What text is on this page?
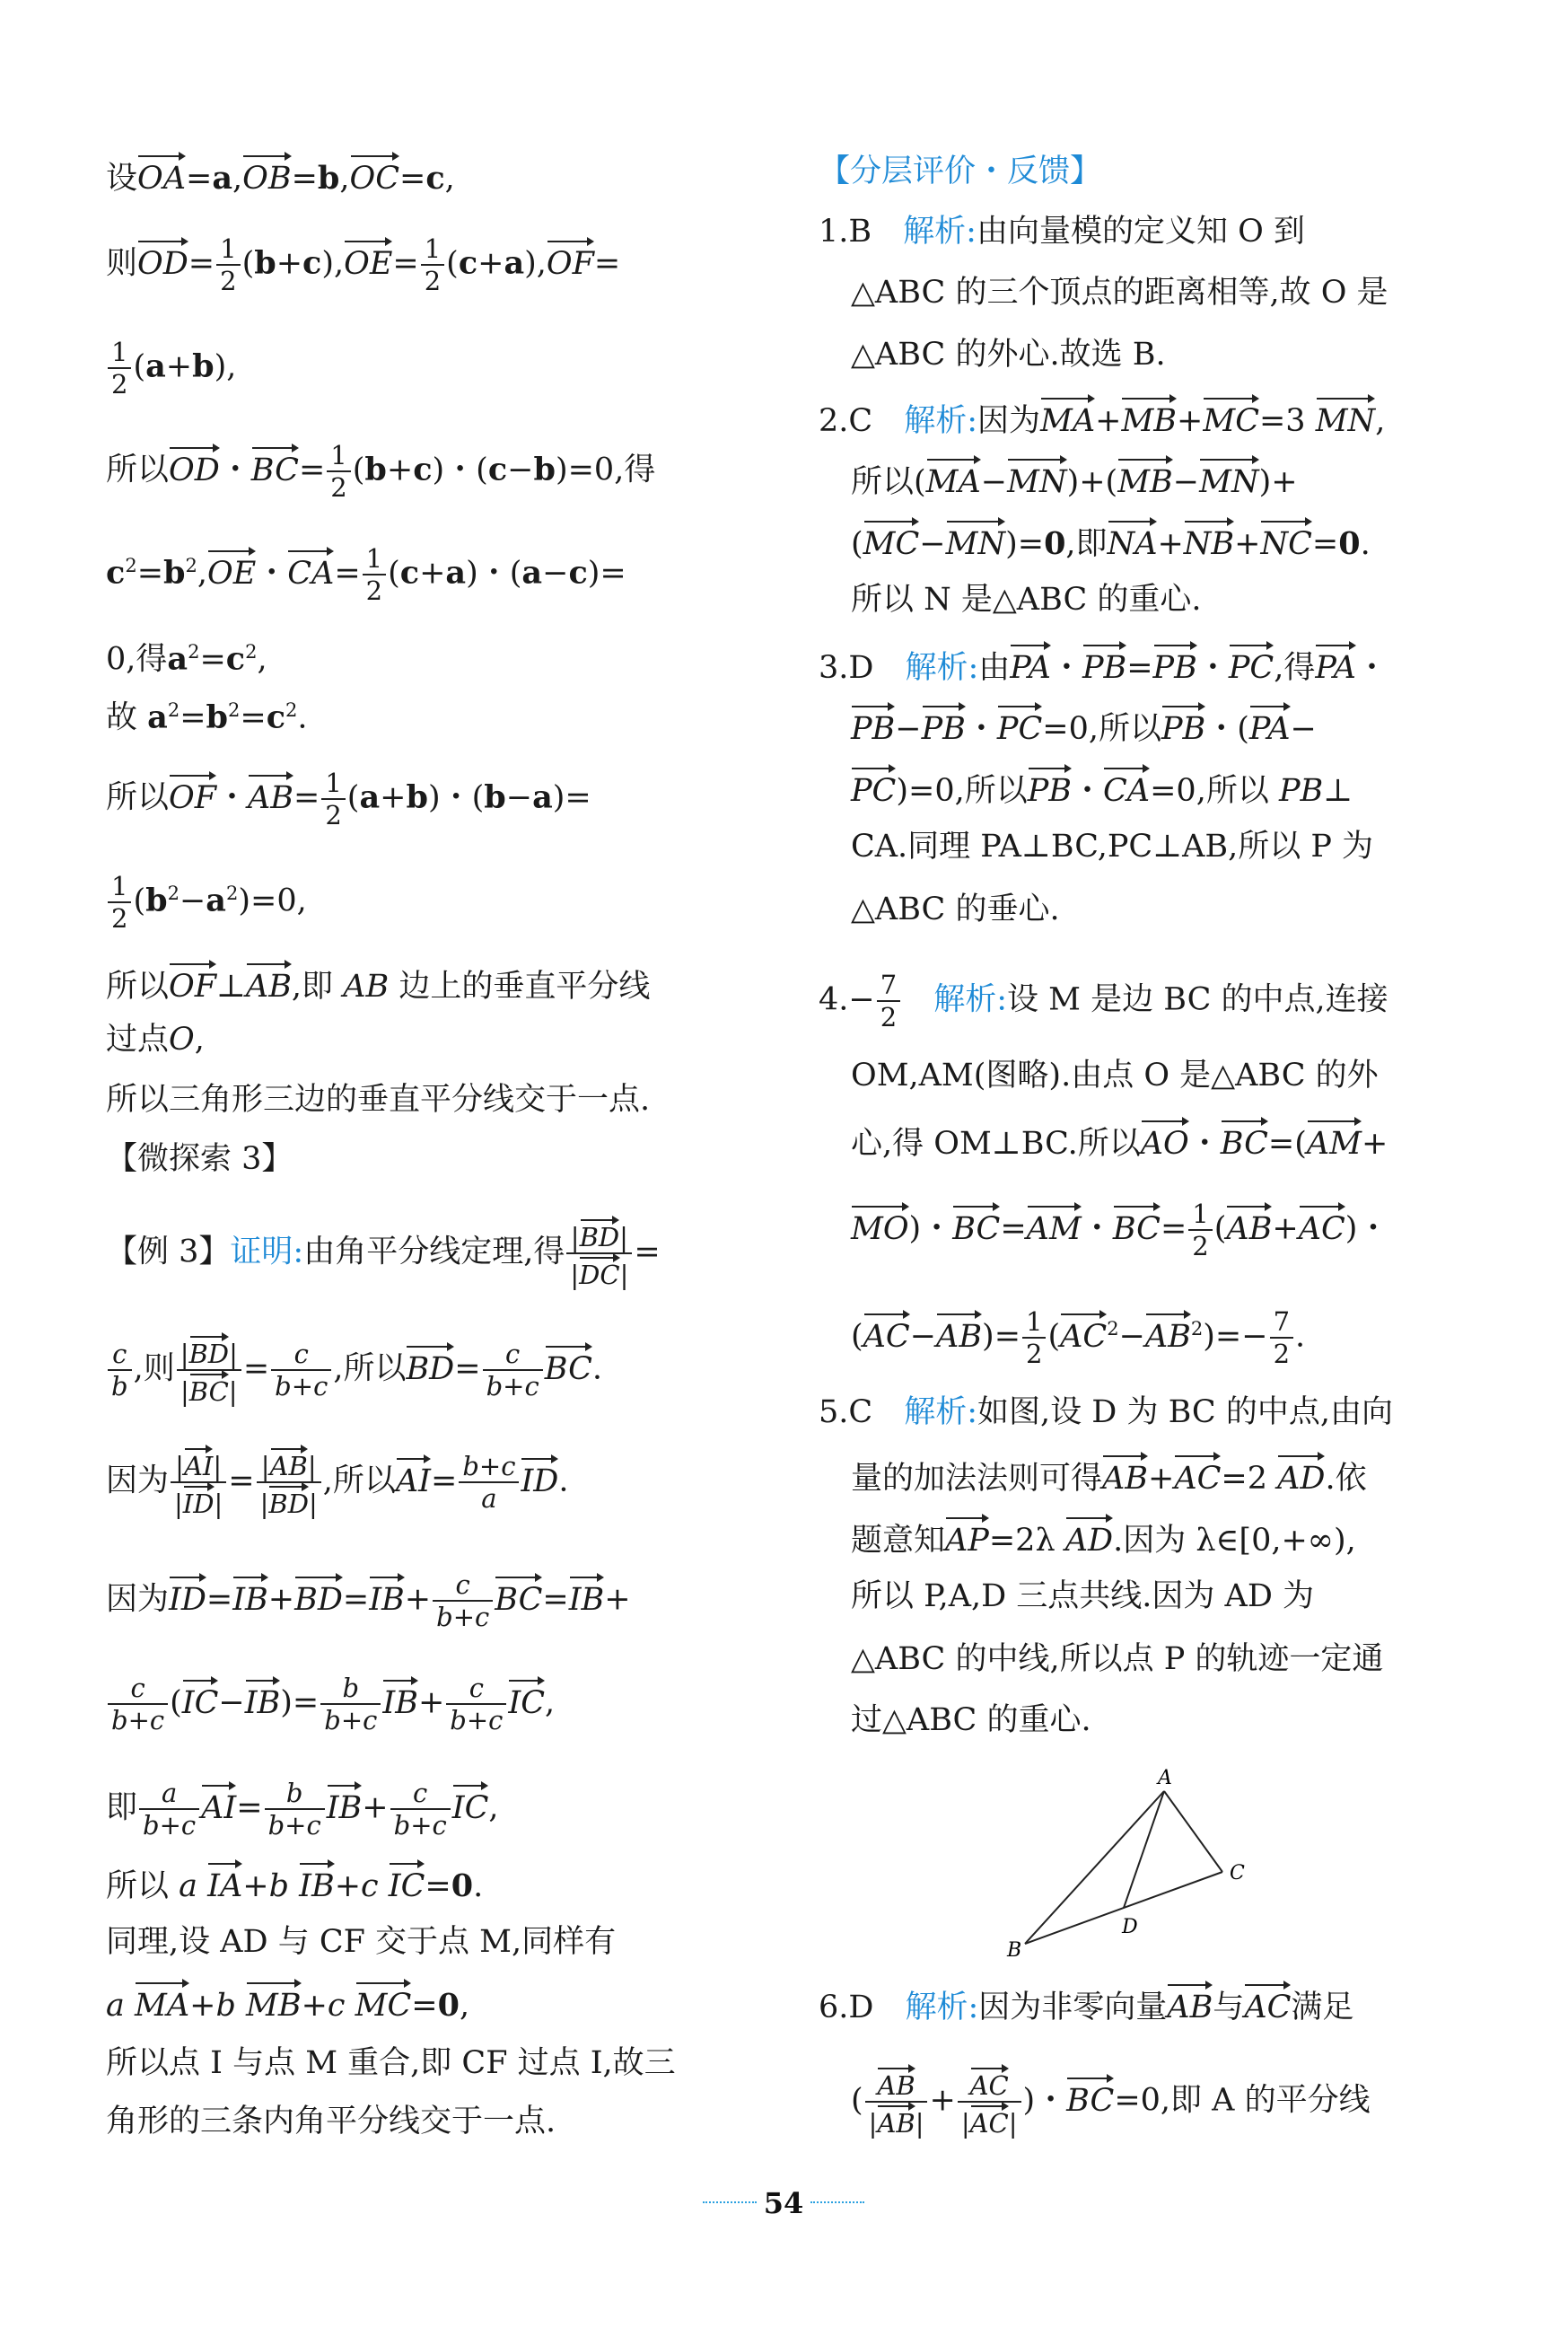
设OA=a,OB=b,OC=c,
则$OD= \frac{1}{2} (b+c),OE= \frac{1}{2} (c+a),OF=$
$\frac{1}{2} (a+b)$,
所以OD・$BC= \frac{1}{2} (b+c)$・(c−b)=0,得
$c^2=b^2,OE$・$CA= \frac{1}{2} (c+a)$・(a−c)=
0,得$a^2=c^2$,
故 $a^2=b^2=c^2$.
所以OF・$AB= \frac{1}{2} (a+b)$・(b−a)=
$\frac{1}{2} (b^2-a^2)=0$,
所以OF⊥AB,即 AB 边上的垂直平分线
过点O,
所以三角形三边的垂直平分线交于一点.
【微探索 3】
【例 3】证明:由角平分线定理,得 $\frac{|BD|}{|DC|}$ =
$\frac{c}{b}$ ,则 $\frac{|BD|}{|BC|} = \frac{c}{b+c}$ ,所以$BD= \frac{c}{b+c}$ BC.
因为 $\frac{|AI|}{|ID|} = \frac{|AB|}{|BD|}$ ,所以$AI= \frac{b+c}{a}$ ID.
因为$ID=IB+BD=IB+ \frac{c}{b+c} BC=IB+$
$\frac{c}{b+c} (IC-IB)= \frac{b}{b+c} IB+ \frac{c}{b+c}$ IC,
即 $\frac{a}{b+c} AI= \frac{b}{b+c} IB+ \frac{c}{b+c}$ IC,
所以 a IA+b IB+c IC=0.
同理,设 AD 与 CF 交于点 M,同样有
a MA+b MB+c MC=0,
所以点 I 与点 M 重合,即 CF 过点 I,故三
角形的三条内角平分线交于一点.
【分层评价・反馈】
1.B　 解析:由向量模的定义知 O 到
△ABC 的三个顶点的距离相等,故 O 是
△ABC 的外心.故选 B.
2.C　 解析:因为MA+MB+MC=3 MN,
所以(MA−MN)+(MB−MN)+
(MC−MN)=0,即NA+NB+NC=0.
所以 N 是△ABC 的重心.
3.D　 解析:由PA・PB=PB・PC,得PA・
PB−PB・PC=0,所以PB・(PA−
PC)=0,所以PB・CA=0,所以 PB⊥
CA.同理 PA⊥BC,PC⊥AB,所以 P 为
△ABC 的垂心.
$4.- \frac{7}{2}$
　 解析:设 M 是边 BC 的中点,连接
OM,AM(图略).由点 O 是△ABC 的外
心,得 OM⊥BC.所以AO・BC=(AM+
MO)・BC=AM・$BC= \frac{1}{2} (AB+AC)$・
$(AC-AB)= \frac{1}{2} (AC^2-AB^2)=- \frac{7}{2}$ .
5.C　 解析:如图,设 D 为 BC 的中点,由向
量的加法法则可得AB+AC=2 AD.依
题意知AP=2λ AD.因为 λ∈[0,+∞),
所以 P,A,D 三点共线.因为 AD 为
△ABC 的中线,所以点 P 的轨迹一定通
过△ABC 的重心.
A
B
C
D
6.D　 解析:因为非零向量AB与AC满足
( $\frac{AB}{|AB|} + \frac{AC}{|AC|}$ )・BC=0,即 A 的平分线
54
